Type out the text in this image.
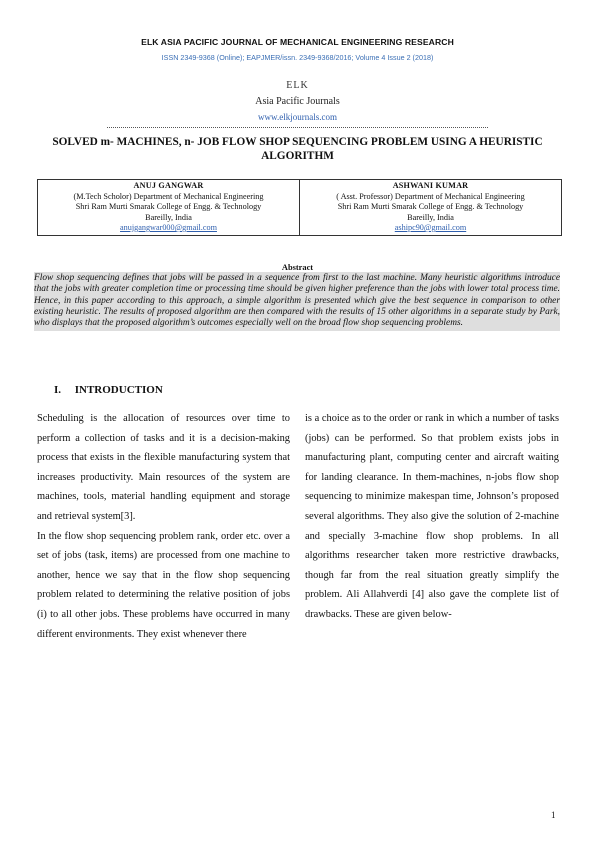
ELK ASIA PACIFIC JOURNAL OF MECHANICAL ENGINEERING RESEARCH
ISSN 2349-9368 (Online); EAPJMER/issn. 2349-9368/2016; Volume 4 Issue 2 (2018)
ELK
Asia Pacific Journals
www.elkjournals.com
SOLVED m- MACHINES, n- JOB FLOW SHOP SEQUENCING PROBLEM USING A HEURISTIC ALGORITHM
ANUJ GANGWAR
(M.Tech Scholor) Department of Mechanical Engineering
Shri Ram Murti Smarak College of Engg. & Technology
Bareilly, India
anujgangwar000@gmail.com

ASHWANI KUMAR
( Asst. Professor) Department of Mechanical Engineering
Shri Ram Murti Smarak College of Engg. & Technology
Bareilly, India
ashipc90@gmail.com
Abstract
Flow shop sequencing defines that jobs will be passed in a sequence from first to the last machine. Many heuristic algorithms introduce that the jobs with greater completion time or processing time should be given higher preference than the jobs with lower total process time. Hence, in this paper according to this approach, a simple algorithm is presented which give the best sequence in comparison to other existing heuristic. The results of proposed algorithm are then compared with the results of 15 other algorithms in a separate study by Park, who displays that the proposed algorithm’s outcomes especially well on the broad flow shop sequencing problems.
I. INTRODUCTION

Scheduling is the allocation of resources over time to perform a collection of tasks and it is a decision-making process that exists in the flexible manufacturing system that increases productivity. Main resources of the system are machines, tools, material handling equipment and storage and retrieval system[3].

In the flow shop sequencing problem rank, order etc. over a set of jobs (task, items) are processed from one machine to another, hence we say that in the flow shop sequencing problem related to determining the relative position of jobs (i) to all other jobs. These problems have occurred in many different environments. They exist whenever there

is a choice as to the order or rank in which a number of tasks (jobs) can be performed. So that problem exists jobs in manufacturing plant, computing center and aircraft waiting for landing clearance. In them-machines, n-jobs flow shop sequencing to minimize makespan time, Johnson’s proposed several algorithms. They also give the solution of 2-machine and specially 3-machine flow shop problems. In all algorithms researcher taken more restrictive drawbacks, though far from the real situation greatly simplify the problem. Ali Allahverdi [4] also gave the complete list of drawbacks. These are given below-

1
